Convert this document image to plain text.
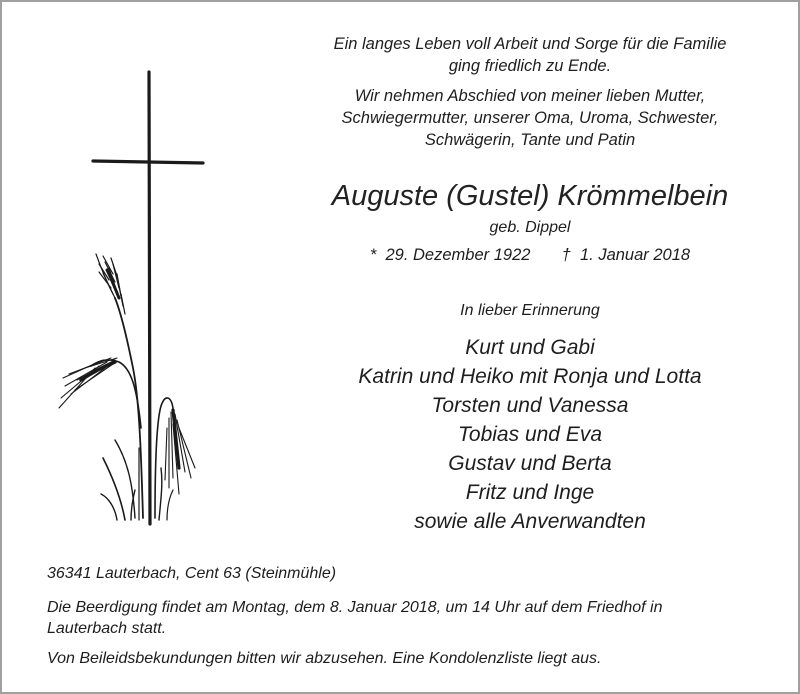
Ein langes Leben voll Arbeit und Sorge für die Familie
ging friedlich zu Ende.
Wir nehmen Abschied von meiner lieben Mutter,
Schwiegermutter, unserer Oma, Uroma, Schwester,
Schwägerin, Tante und Patin
Auguste (Gustel) Krömmelbein
geb. Dippel
* 29. Dezember 1922 † 1. Januar 2018
In lieber Erinnerung
Kurt und Gabi
Katrin und Heiko mit Ronja und Lotta
Torsten und Vanessa
Tobias und Eva
Gustav und Berta
Fritz und Inge
sowie alle Anverwandten
36341 Lauterbach, Cent 63 (Steinmühle)
Die Beerdigung findet am Montag, dem 8. Januar 2018, um 14 Uhr auf dem Friedhof in
Lauterbach statt.
Von Beileidsbekundungen bitten wir abzusehen. Eine Kondolenzliste liegt aus.
